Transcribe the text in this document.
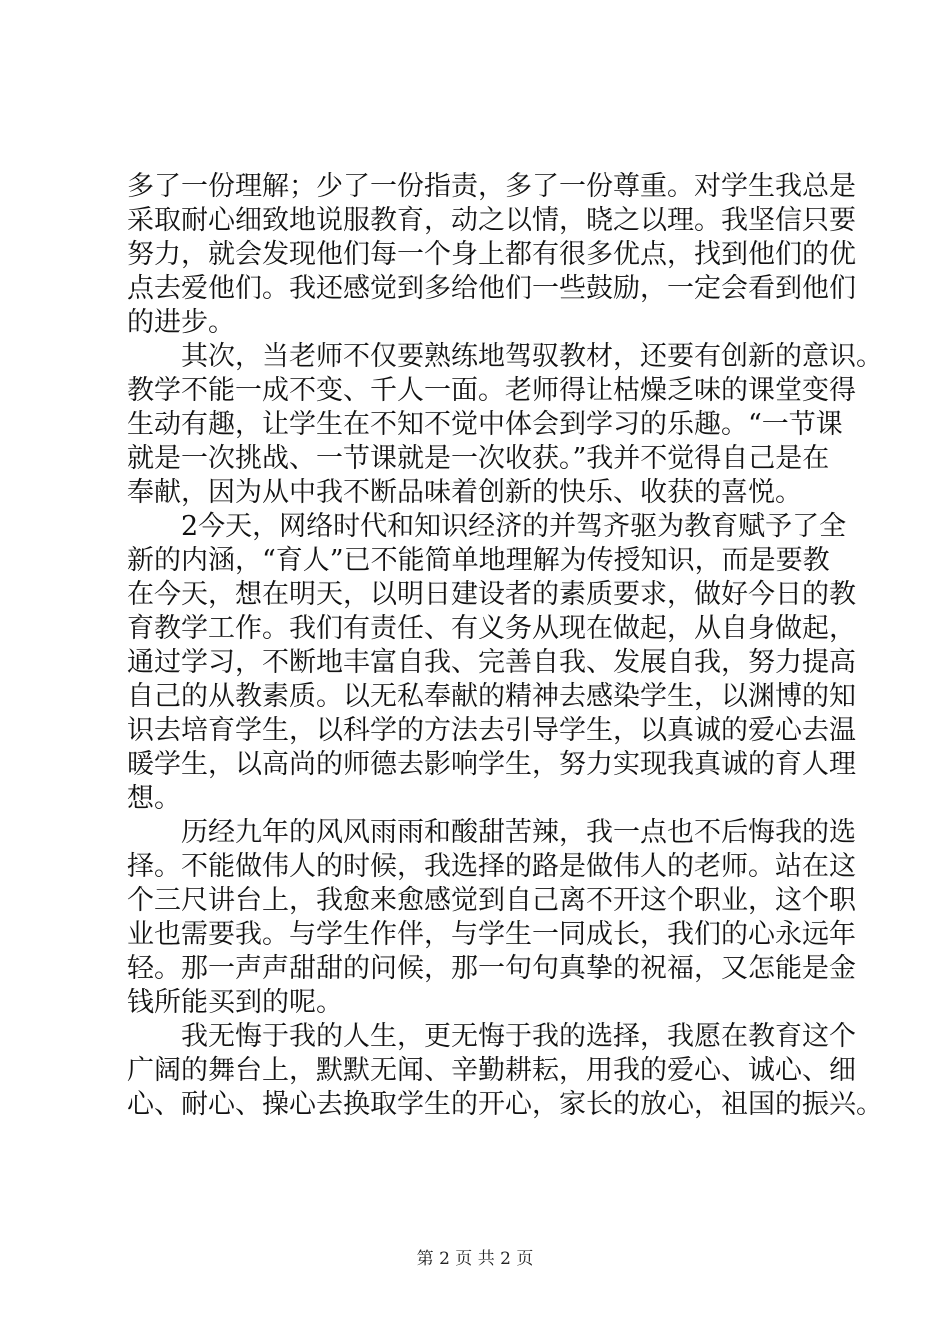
多了一份理解；少了一份指责，多了一份尊重。对学生我总是
采取耐心细致地说服教育，动之以情，晓之以理。我坚信只要
努力，就会发现他们每一个身上都有很多优点，找到他们的优
点去爱他们。我还感觉到多给他们一些鼓励，一定会看到他们
的进步。
　　其次，当老师不仅要熟练地驾驭教材，还要有创新的意识。
教学不能一成不变、千人一面。老师得让枯燥乏味的课堂变得
生动有趣，让学生在不知不觉中体会到学习的乐趣。“一节课
就是一次挑战、一节课就是一次收获。”我并不觉得自己是在
奉献，因为从中我不断品味着创新的快乐、收获的喜悦。
　　2今天，网络时代和知识经济的并驾齐驱为教育赋予了全
新的内涵，“育人”已不能简单地理解为传授知识，而是要教
在今天，想在明天，以明日建设者的素质要求，做好今日的教
育教学工作。我们有责任、有义务从现在做起，从自身做起，
通过学习，不断地丰富自我、完善自我、发展自我，努力提高
自己的从教素质。以无私奉献的精神去感染学生，以渊博的知
识去培育学生，以科学的方法去引导学生，以真诚的爱心去温
暖学生，以高尚的师德去影响学生，努力实现我真诚的育人理
想。
　　历经九年的风风雨雨和酸甜苦辣，我一点也不后悔我的选
择。不能做伟人的时候，我选择的路是做伟人的老师。站在这
个三尺讲台上，我愈来愈感觉到自己离不开这个职业，这个职
业也需要我。与学生作伴，与学生一同成长，我们的心永远年
轻。那一声声甜甜的问候，那一句句真挚的祝福，又怎能是金
钱所能买到的呢。
　　我无悔于我的人生，更无悔于我的选择，我愿在教育这个
广阔的舞台上，默默无闻、辛勤耕耘，用我的爱心、诚心、细
心、耐心、操心去换取学生的开心，家长的放心，祖国的振兴。
第 2 页 共 2 页
